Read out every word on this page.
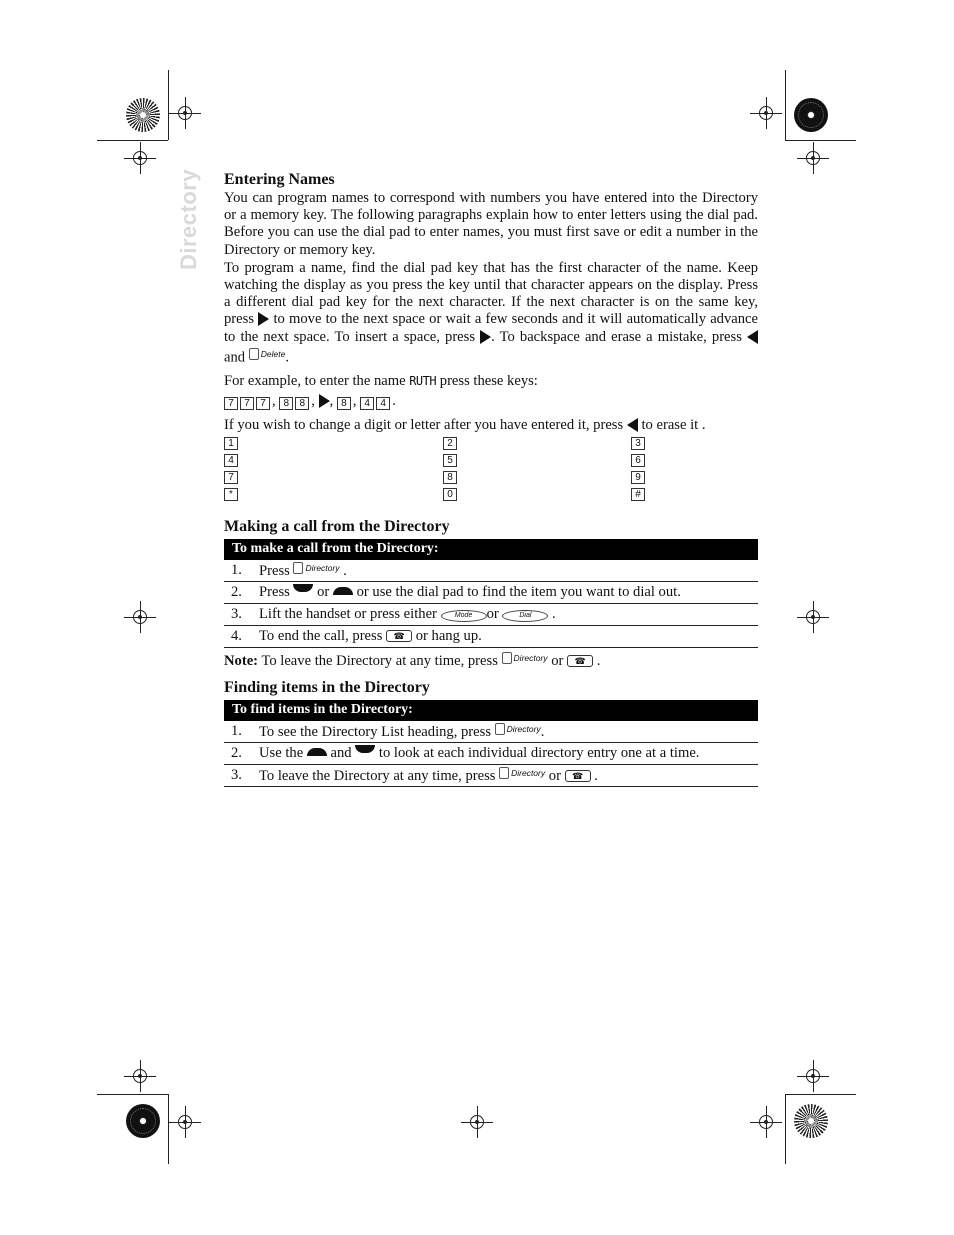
Directory Entering Names

You can program names to correspond with numbers you have entered into the Directory or a memory key. The following paragraphs explain how to enter letters using the dial pad. Before you can use the dial pad to enter names, you must first save or edit a number in the Directory or memory key.

To program a name, find the dial pad key that has the first character of the name. Keep watching the display as you press the key until that character appears on the display. Press a different dial pad key for the next character. If the next character is on the same key, press to move to the next space or wait a few seconds and it will automatically advance to the next space. To insert a space, press . To backspace and erase a mistake, press  and Delete .

For example, to enter the name RUTH press these keys:

7 7 7 , 8 8 , , 8 , 4 4 .

If you wish to change a digit or letter after you have entered it, press to erase it .

1	2	3
4	5	6
7	8	9
*	0	#
Making a call from the Directory
To make a call from the Directory:
1.	Press Directory .
2.	Press or or use the dial pad to find the item you want to dial out.
3.	Lift the handset or press either	Mode or	Dial .
4.	To end the call, press ☎ or hang up.
Note: To leave the Directory at any time, press Directory or ☎ .
Finding items in the Directory
To find items in the Directory:
1.	To see the Directory List heading, press Directory .
2.	Use the and to look at each individual directory entry one at a time.
3.	To leave the Directory at any time, press Directory or ☎ .
